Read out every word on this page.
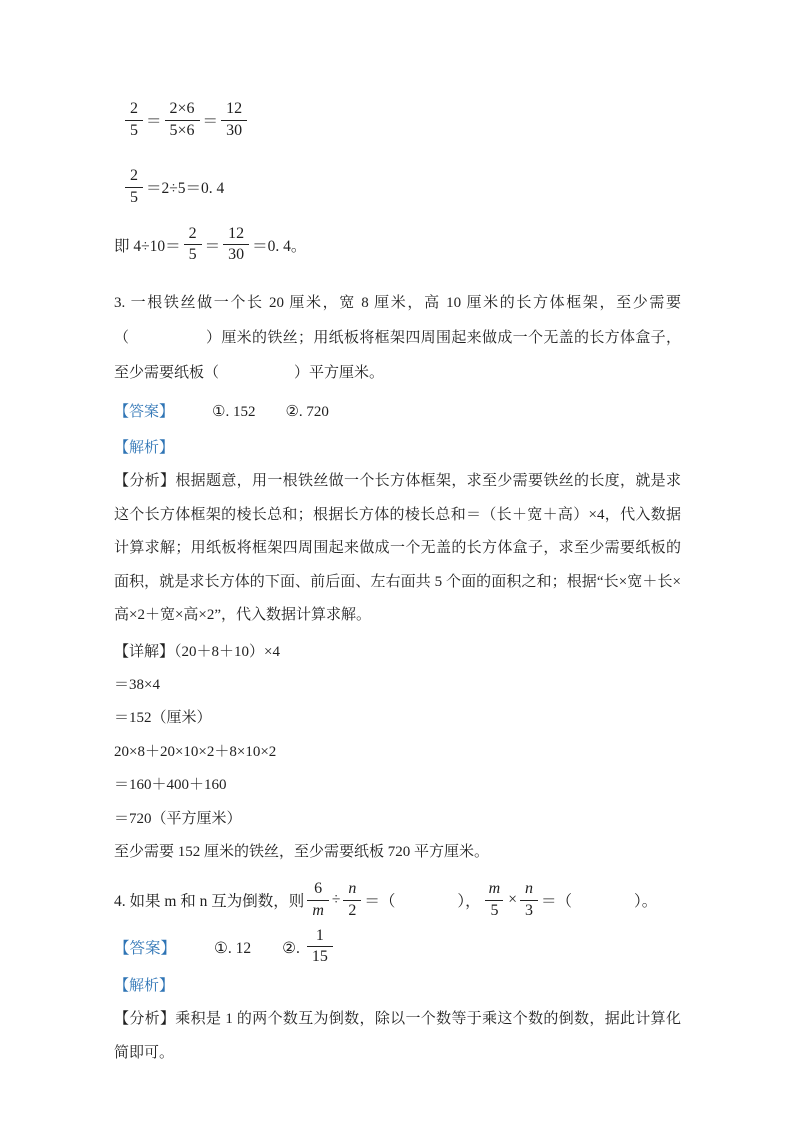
$\frac{2}{5} = \frac{2\times 6}{5\times 6} = \frac{12}{30}$
$\frac{2}{5} =2\div 5=0$. 4
即 $4\div 10= \frac{2}{5} = \frac{12}{30} =0$. 4。

3. 一根铁丝做一个长 20 厘米，宽 8 厘米，高 10 厘米的长方体框架，至少需要（　　　　　）厘米的铁丝；用纸板将框架四周围起来做成一个无盖的长方体盒子，至少需要纸板（　　　　　）平方厘米。

【答案】	①. 152　　②. 720
【解析】

【分析】根据题意，用一根铁丝做一个长方体框架，求至少需要铁丝的长度，就是求这个长方体框架的棱长总和；根据长方体的棱长总和＝（长＋宽＋高）×4，代入数据计算求解；用纸板将框架四周围起来做成一个无盖的长方体盒子，求至少需要纸板的面积，就是求长方体的下面、前后面、左右面共 5 个面的面积之和；根据“长×宽＋长×高×2＋宽×高×2”，代入数据计算求解。

【详解】（20＋8＋10）×4
＝38×4
＝152（厘米）
20×8＋20×10×2＋8×10×2
＝160＋400＋160
＝720（平方厘米）
至少需要 152 厘米的铁丝，至少需要纸板 720 平方厘米。
4. 如果 m 和 n 互为倒数，则 $\frac{6}{m} \div \frac{n}{2}$ ＝（　　　　）， $\frac{m}{5} \times \frac{n}{3}$ ＝（　　　　）。
【答案】 ①. 12　　②. $\frac{1}{15}$
【解析】

【分析】乘积是 1 的两个数互为倒数，除以一个数等于乘这个数的倒数，据此计算化简即可。
